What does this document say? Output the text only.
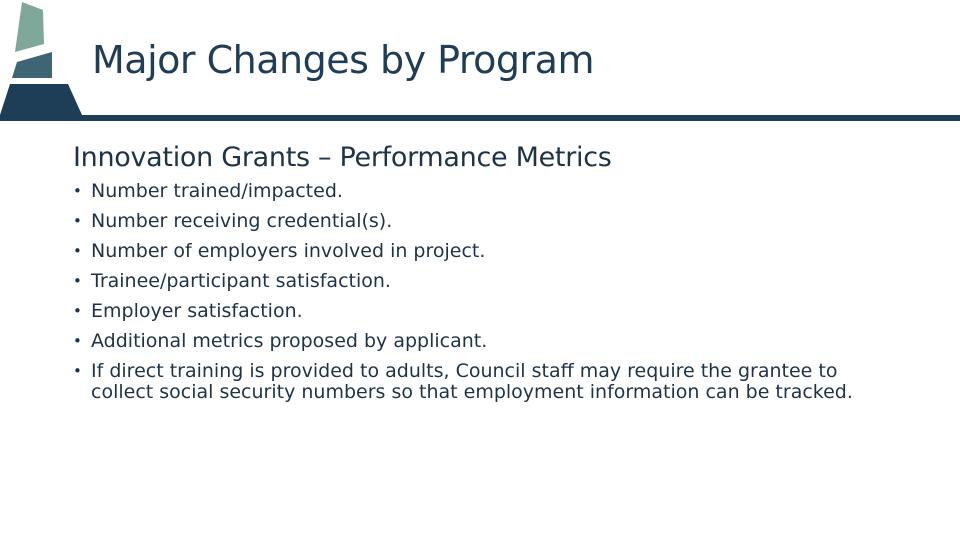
Major Changes by Program
Innovation Grants – Performance Metrics
• Number trained/impacted.
• Number receiving credential(s).
• Number of employers involved in project.
• Trainee/participant satisfaction.
• Employer satisfaction.
• Additional metrics proposed by applicant.
• If direct training is provided to adults, Council staff may require the grantee to collect social security numbers so that employment information can be tracked.
